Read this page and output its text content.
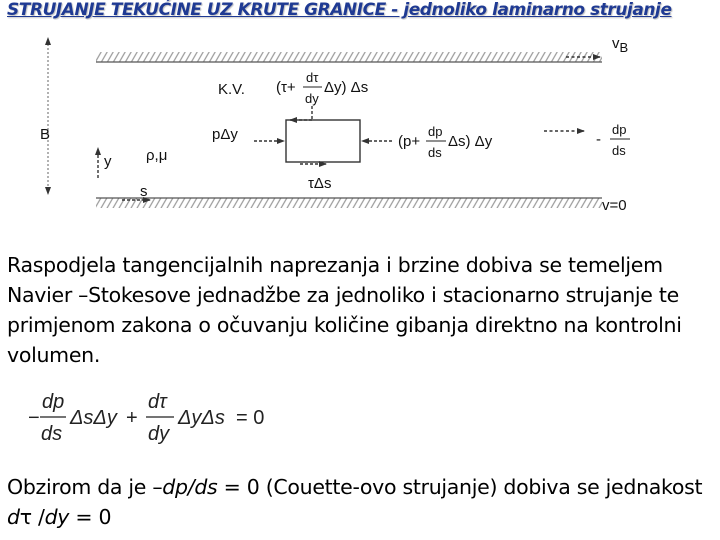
STRUJANJE TEKUĆINE UZ KRUTE GRANICE - jednoliko laminarno strujanje
vB
B
y
s
ρ,μ
K.V. (τ+
dτ
dy
Δy) Δs
pΔy	(p+
dp
ds
Δs) Δy	-
dp
ds
τΔs
v=0
Raspodjela tangencijalnih naprezanja i brzine dobiva se temeljem Navier –Stokesove jednadžbe za jednoliko i stacionarno strujanje te primjenom zakona o očuvanju količine gibanja direktno na kontrolni volumen.
−
dp
ds
ΔsΔy +
dτ
dy
ΔyΔs = 0
Obzirom da je –dp/ds = 0 (Couette-ovo strujanje) dobiva se jednakost dτ /dy = 0
